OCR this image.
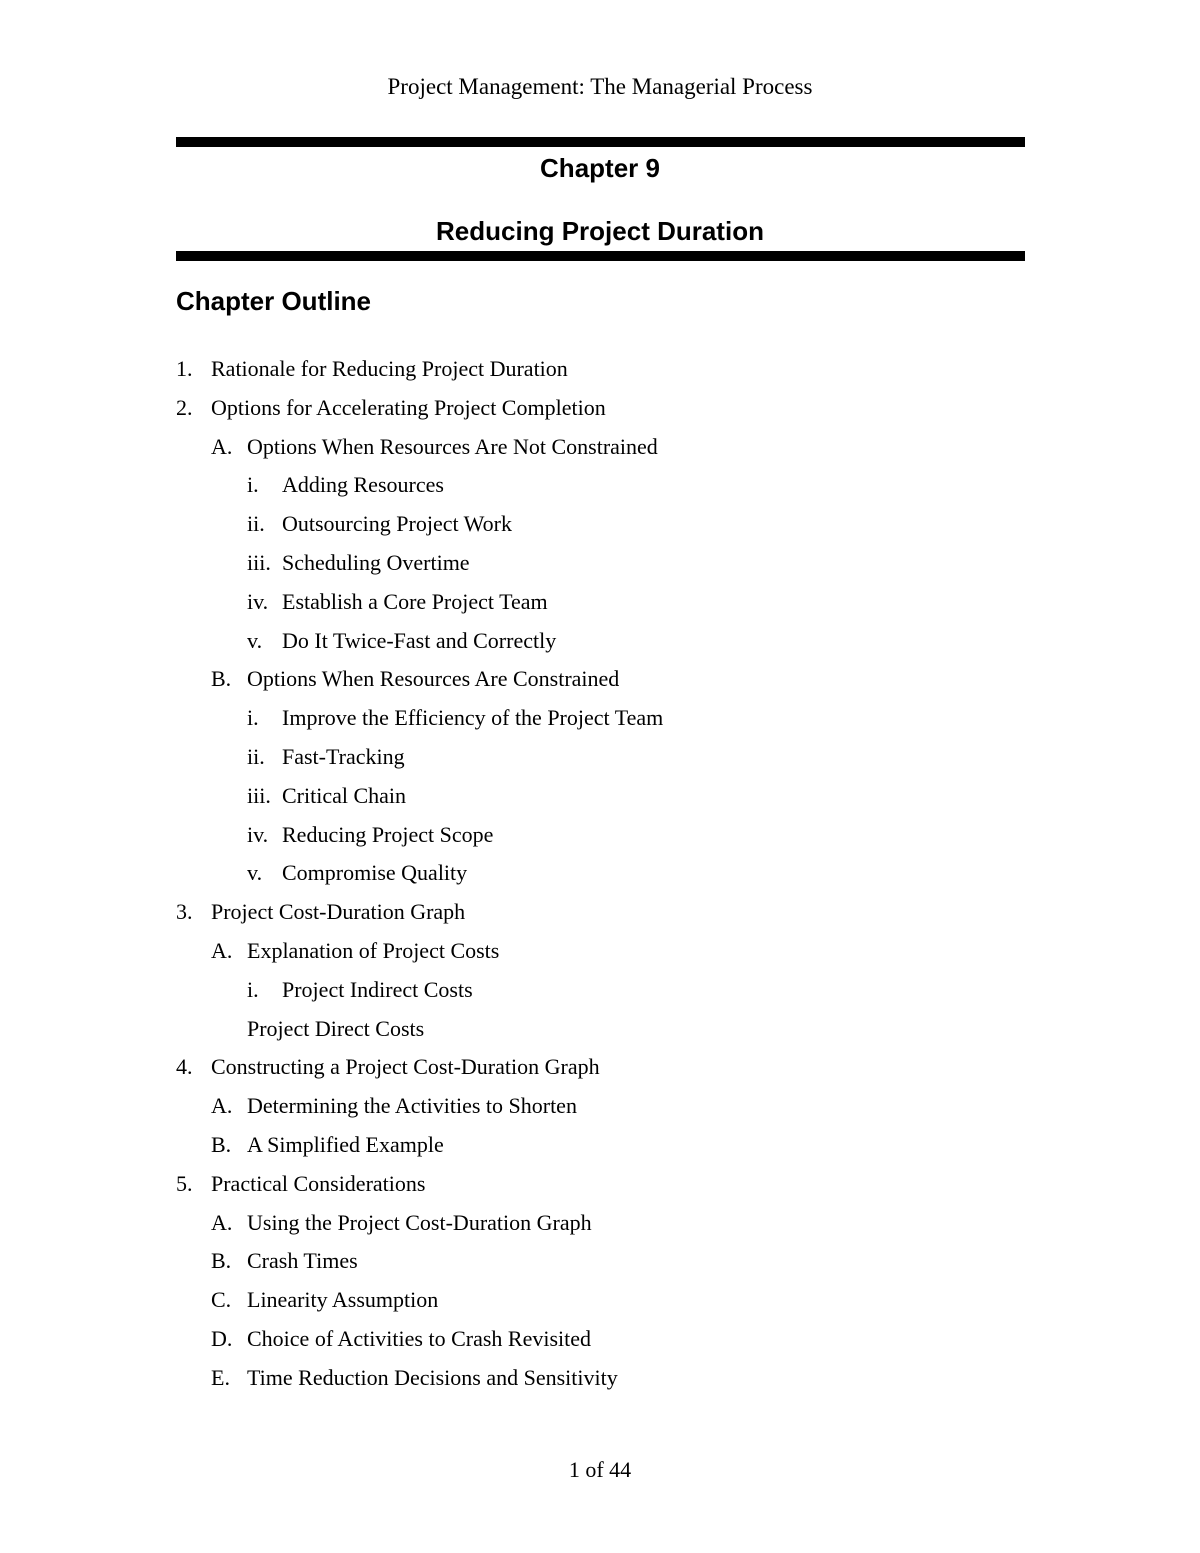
Project Management: The Managerial Process
Chapter 9
Reducing Project Duration
Chapter Outline
1. Rationale for Reducing Project Duration
2. Options for Accelerating Project Completion
A. Options When Resources Are Not Constrained
i. Adding Resources
ii. Outsourcing Project Work
iii. Scheduling Overtime
iv. Establish a Core Project Team
v. Do It Twice-Fast and Correctly
B. Options When Resources Are Constrained
i. Improve the Efficiency of the Project Team
ii. Fast-Tracking
iii. Critical Chain
iv. Reducing Project Scope
v. Compromise Quality
3. Project Cost-Duration Graph
A. Explanation of Project Costs
i. Project Indirect Costs
Project Direct Costs
4. Constructing a Project Cost-Duration Graph
A. Determining the Activities to Shorten
B. A Simplified Example
5. Practical Considerations
A. Using the Project Cost-Duration Graph
B. Crash Times
C. Linearity Assumption
D. Choice of Activities to Crash Revisited
E. Time Reduction Decisions and Sensitivity
1 of 44
